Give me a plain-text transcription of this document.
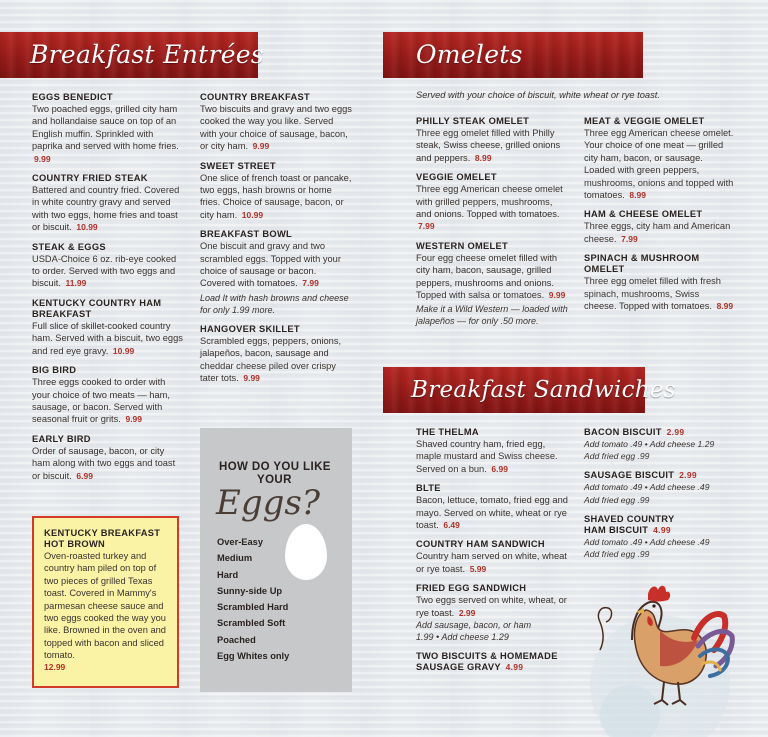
Breakfast Entrées	Omelets
Breakfast Sandwiches
EGGS BENEDICT
Two poached eggs, grilled city ham and hollandaise sauce on top of an English muffin. Sprinkled with paprika and served with home fries. 9.99
COUNTRY FRIED STEAK
Battered and country fried. Covered in white country gravy and served with two eggs, home fries and toast or biscuit. 10.99
STEAK & EGGS
USDA-Choice 6 oz. rib-eye cooked to order. Served with two eggs and biscuit. 11.99
KENTUCKY COUNTRY HAM BREAKFAST
Full slice of skillet-cooked country ham. Served with a biscuit, two eggs and red eye gravy. 10.99
BIG BIRD
Three eggs cooked to order with your choice of two meats — ham, sausage, or bacon. Served with seasonal fruit or grits. 9.99
EARLY BIRD
Order of sausage, bacon, or city ham along with two eggs and toast or biscuit. 6.99
COUNTRY BREAKFAST
Two biscuits and gravy and two eggs cooked the way you like. Served with your choice of sausage, bacon, or city ham. 9.99
SWEET STREET
One slice of french toast or pancake, two eggs, hash browns or home fries. Choice of sausage, bacon, or city ham. 10.99
BREAKFAST BOWL
One biscuit and gravy and two scrambled eggs. Topped with your choice of sausage or bacon. Covered with tomatoes. 7.99
Load It with hash browns and cheese for only 1.99 more.
HANGOVER SKILLET
Scrambled eggs, peppers, onions, jalapeños, bacon, sausage and cheddar cheese piled over crispy tater tots. 9.99
KENTUCKY BREAKFAST HOT BROWN
Oven-roasted turkey and country ham piled on top of two pieces of grilled Texas toast. Covered in Mammy's parmesan cheese sauce and two eggs cooked the way you like. Browned in the oven and topped with bacon and sliced tomato.
12.99
HOW DO YOU LIKE
YOUR
Eggs?
Over-Easy
Medium
Hard
Sunny-side Up
Scrambled Hard
Scrambled Soft
Poached
Egg Whites only
Served with your choice of biscuit, white wheat or rye toast.
PHILLY STEAK OMELET
Three egg omelet filled with Philly steak, Swiss cheese, grilled onions and peppers. 8.99
VEGGIE OMELET
Three egg American cheese omelet with grilled peppers, mushrooms, and onions. Topped with tomatoes. 7.99
WESTERN OMELET
Four egg cheese omelet filled with city ham, bacon, sausage, grilled peppers, mushrooms and onions. Topped with salsa or tomatoes. 9.99
Make it a Wild Western — loaded with jalapeños — for only .50 more.
MEAT & VEGGIE OMELET
Three egg American cheese omelet. Your choice of one meat — grilled city ham, bacon, or sausage. Loaded with green peppers, mushrooms, onions and topped with tomatoes. 8.99
HAM & CHEESE OMELET
Three eggs, city ham and American cheese. 7.99
SPINACH & MUSHROOM OMELET
Three egg omelet filled with fresh spinach, mushrooms, Swiss cheese. Topped with tomatoes. 8.99
THE THELMA
Shaved country ham, fried egg, maple mustard and Swiss cheese. Served on a bun. 6.99
BLTE
Bacon, lettuce, tomato, fried egg and mayo. Served on white, wheat or rye toast. 6.49
COUNTRY HAM SANDWICH
Country ham served on white, wheat or rye toast. 5.99
FRIED EGG SANDWICH
Two eggs served on white, wheat, or rye toast. 2.99
Add sausage, bacon, or ham 1.99 • Add cheese 1.29
TWO BISCUITS & HOMEMADE SAUSAGE GRAVY 4.99
BACON BISCUIT 2.99
Add tomato .49 • Add cheese 1.29
Add fried egg .99
SAUSAGE BISCUIT 2.99
Add tomato .49 • Add cheese .49
Add fried egg .99
SHAVED COUNTRY HAM BISCUIT 4.99
Add tomato .49 • Add cheese .49
Add fried egg .99
